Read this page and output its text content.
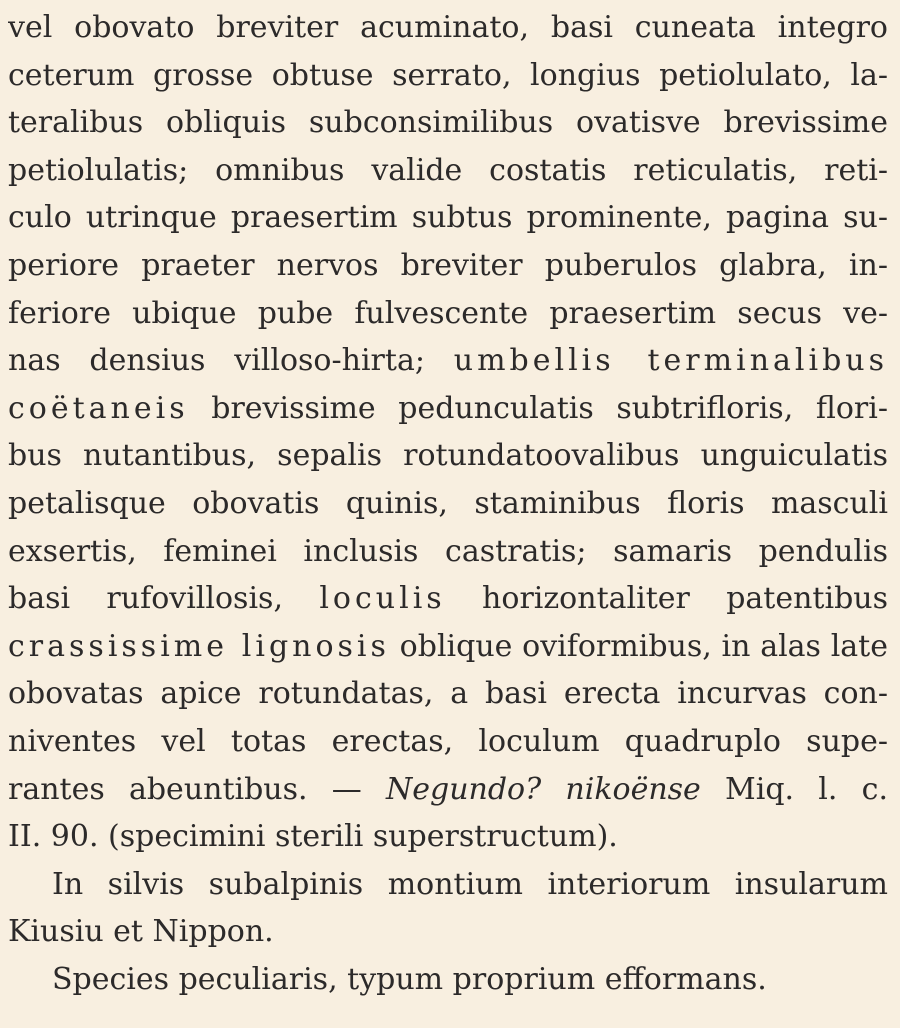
vel obovato breviter acuminato, basi cuneata integro
ceterum grosse obtuse serrato, longius petiolulato, la-
teralibus obliquis subconsimilibus ovatisve brevissime
petiolulatis; omnibus valide costatis reticulatis, reti-
culo utrinque praesertim subtus prominente, pagina su-
periore praeter nervos breviter puberulos glabra, in-
feriore ubique pube fulvescente praesertim secus ve-
nas densius villoso-hirta; umbellis terminalibus
coëtaneis brevissime pedunculatis subtrifloris, flori-
bus nutantibus, sepalis rotundatoovalibus unguiculatis
petalisque obovatis quinis, staminibus floris masculi
exsertis, feminei inclusis castratis; samaris pendulis
basi rufovillosis, loculis horizontaliter patentibus
crassissime lignosis oblique oviformibus, in alas late
obovatas apice rotundatas, a basi erecta incurvas con-
niventes vel totas erectas, loculum quadruplo supe-
rantes abeuntibus. — Negundo? nikoënse Miq. l. c.
II. 90. (specimini sterili superstructum).
In silvis subalpinis montium interiorum insularum
Kiusiu et Nippon.
Species peculiaris, typum proprium efformans.
